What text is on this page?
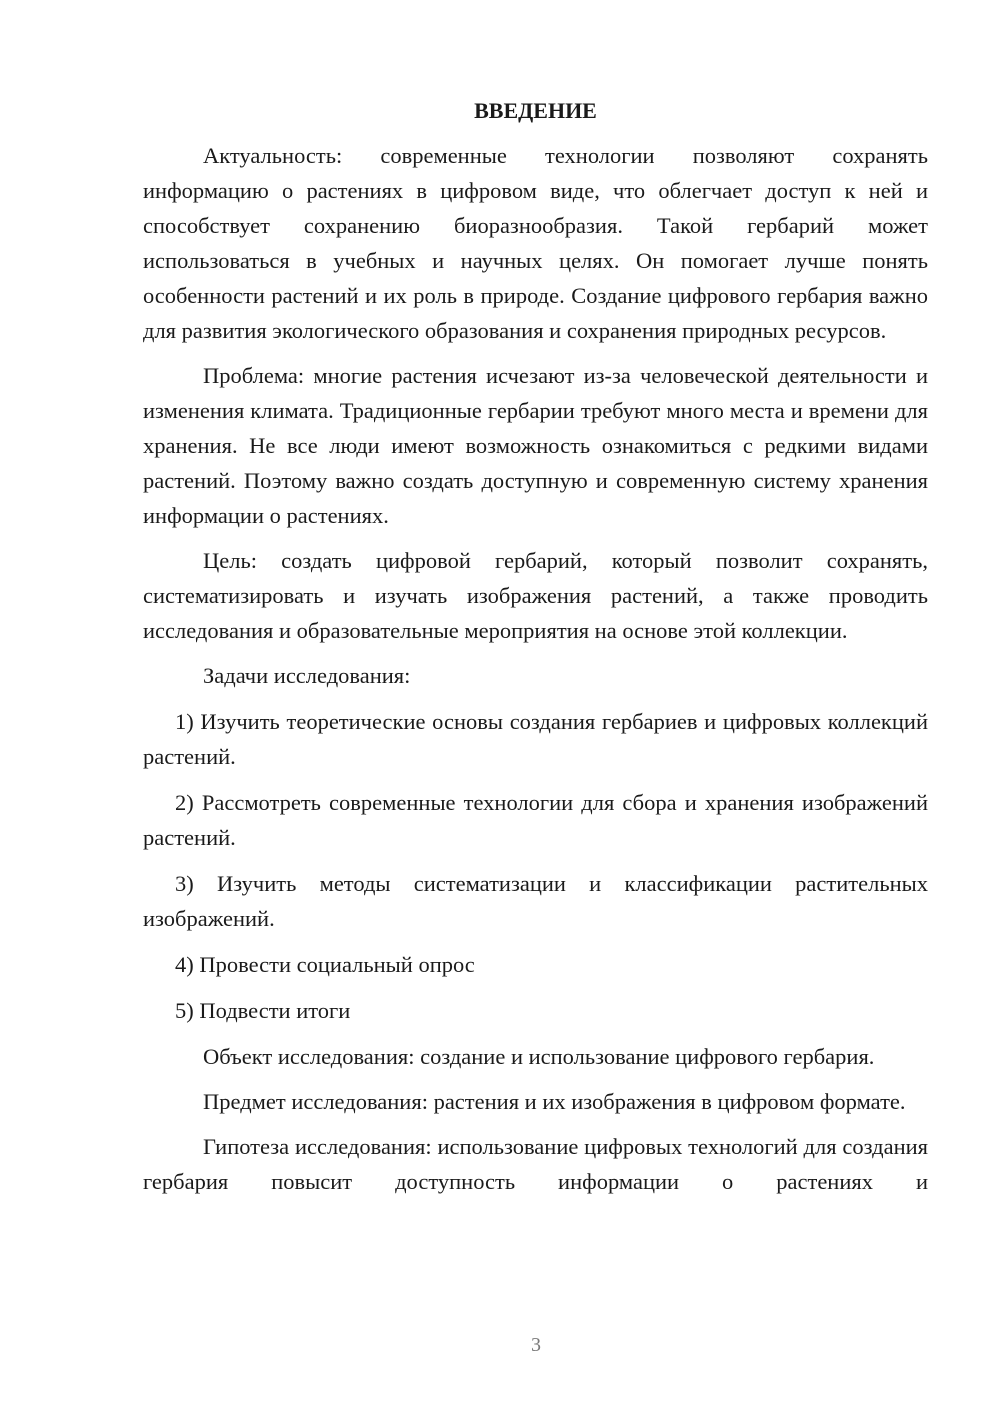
ВВЕДЕНИЕ

Актуальность: современные технологии позволяют сохранять информацию о растениях в цифровом виде, что облегчает доступ к ней и способствует сохранению биоразнообразия. Такой гербарий может использоваться в учебных и научных целях. Он помогает лучше понять особенности растений и их роль в природе. Создание цифрового гербария важно для развития экологического образования и сохранения природных ресурсов.

Проблема: многие растения исчезают из-за человеческой деятельности и изменения климата. Традиционные гербарии требуют много места и времени для хранения. Не все люди имеют возможность ознакомиться с редкими видами растений. Поэтому важно создать доступную и современную систему хранения информации о растениях.

Цель: создать цифровой гербарий, который позволит сохранять, систематизировать и изучать изображения растений, а также проводить исследования и образовательные мероприятия на основе этой коллекции.

Задачи исследования:

1) Изучить теоретические основы создания гербариев и цифровых коллекций растений.

2) Рассмотреть современные технологии для сбора и хранения изображений растений.

3) Изучить методы систематизации и классификации растительных изображений.

4) Провести социальный опрос

5) Подвести итоги

Объект исследования: создание и использование цифрового гербария.

Предмет исследования: растения и их изображения в цифровом формате.

Гипотеза исследования: использование цифровых технологий для создания гербария повысит доступность информации о растениях и

3
